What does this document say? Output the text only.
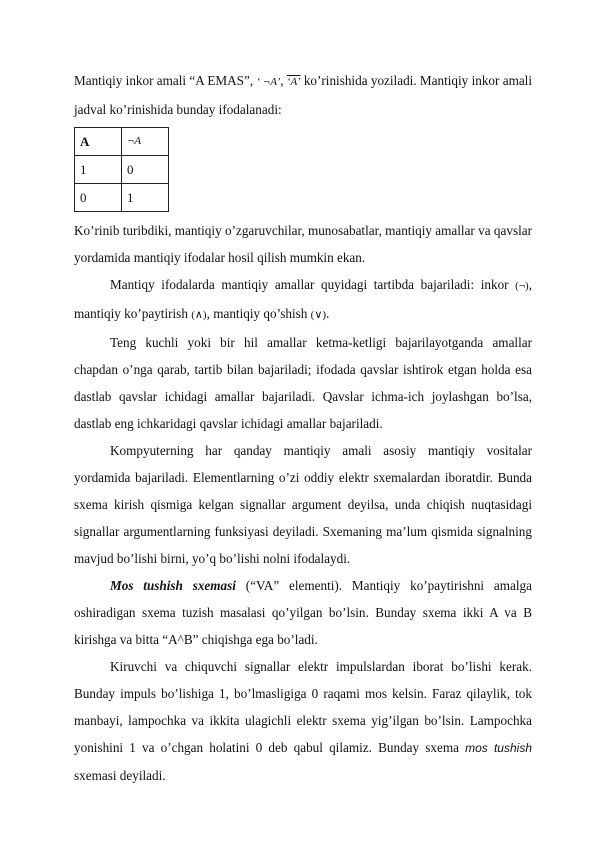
Mantiqiy inkor amali “A EMAS”, ‘ ¬A’, ‘A’ ko’rinishida yoziladi. Mantiqiy inkor amali jadval ko’rinishida bunday ifodalanadi:

A	¬A
1	0
0	1

Ko’rinib turibdiki, mantiqiy o’zgaruvchilar, munosabatlar, mantiqiy amallar va qavslar yordamida mantiqiy ifodalar hosil qilish mumkin ekan.

Mantiqy ifodalarda mantiqiy amallar quyidagi tartibda bajariladi: inkor (¬), mantiqiy ko’paytirish (∧), mantiqiy qo’shish (∨).

Teng kuchli yoki bir hil amallar ketma-ketligi bajarilayotganda amallar chapdan o’nga qarab, tartib bilan bajariladi; ifodada qavslar ishtirok etgan holda esa dastlab qavslar ichidagi amallar bajariladi. Qavslar ichma-ich joylashgan bo’lsa, dastlab eng ichkaridagi qavslar ichidagi amallar bajariladi.

Kompyuterning har qanday mantiqiy amali asosiy mantiqiy vositalar yordamida bajariladi. Elementlarning o’zi oddiy elektr sxemalardan iboratdir. Bunda sxema kirish qismiga kelgan signallar argument deyilsa, unda chiqish nuqtasidagi signallar argumentlarning funksiyasi deyiladi. Sxemaning ma’lum qismida signalning mavjud bo’lishi birni, yo’q bo’lishi nolni ifodalaydi.

Mos tushish sxemasi (“VA” elementi). Mantiqiy ko’paytirishni amalga oshiradigan sxema tuzish masalasi qo’yilgan bo’lsin. Bunday sxema ikki A va B kirishga va bitta “A^B” chiqishga ega bo’ladi.

Kiruvchi va chiquvchi signallar elektr impulslardan iborat bo’lishi kerak. Bunday impuls bo’lishiga 1, bo’lmasligiga 0 raqami mos kelsin. Faraz qilaylik, tok manbayi, lampochka va ikkita ulagichli elektr sxema yig’ilgan bo’lsin. Lampochka yonishini 1 va o’chgan holatini 0 deb qabul qilamiz. Bunday sxema mos tushish sxemasi deyiladi.
